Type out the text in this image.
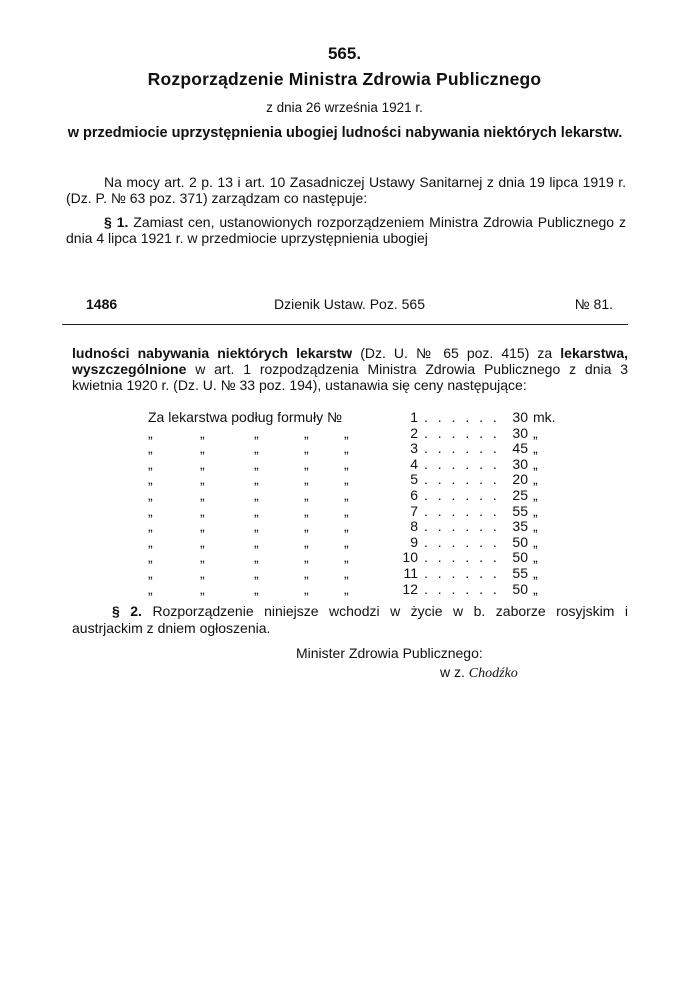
565.
Rozporządzenie Ministra Zdrowia Publicznego
z dnia 26 września 1921 r.
w przedmiocie uprzystępnienia ubogiej ludności nabywania niektórych lekarstw.
Na mocy art. 2 p. 13 i art. 10 Zasadniczej Ustawy Sanitarnej z dnia 19 lipca 1919 r. (Dz. P. № 63 poz. 371) zarządzam co następuje:
§ 1. Zamiast cen, ustanowionych rozporządzeniem Ministra Zdrowia Publicznego z dnia 4 lipca 1921 r. w przedmiocie uprzystępnienia ubogiej
1486	Dzienik Ustaw. Poz. 565	№ 81.
ludności nabywania niektórych lekarstw (Dz. U. № 65 poz. 415) za lekarstwa, wyszczególnione w art. 1 rozpodządzenia Ministra Zdrowia Publicznego z dnia 3 kwietnia 1920 r. (Dz. U. № 33 poz. 194), ustanawia się ceny następujące:
Za lekarstwa podług formuły №	1 . . . . . . 30 mk.
„	„	„	„	„	2 . . . . . . 30 „
„	„	„	„	„	3 . . . . . . 45 „
„	„	„	„	„	4 . . . . . . 30 „
„	„	„	„	„	5 . . . . . . 20 „
„	„	„	„	„	6 . . . . . . 25 „
„	„	„	„	„	7 . . . . . . 55 „
„	„	„	„	„	8 . . . . . . 35 „
„	„	„	„	„	9 . . . . . . 50 „
„	„	„	„	„	10 . . . . . . 50 „
„	„	„	„	„	11 . . . . . . 55 „
„	„	„	„	„	12 . . . . . . 50 „
§ 2. Rozporządzenie niniejsze wchodzi w życie w b. zaborze rosyjskim i austrjackim z dniem ogłoszenia.
Minister Zdrowia Publicznego:
w z. Chodźko
